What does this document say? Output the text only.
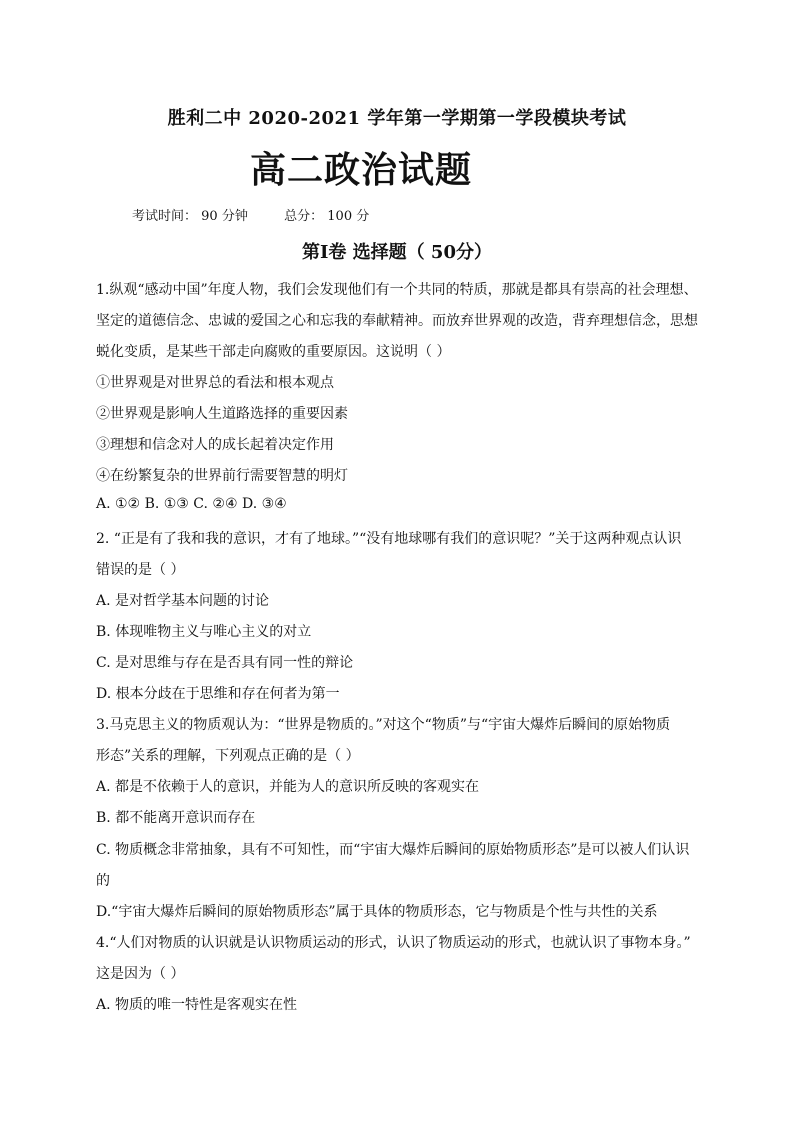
胜利二中 2020-2021 学年第一学期第一学段模块考试
高二政治试题
考试时间： 90 分钟	总分： 100 分
第Ⅰ卷 选择题（ 50分）
1.纵观“感动中国”年度人物，我们会发现他们有一个共同的特质，那就是都具有崇高的社会理想、
坚定的道德信念、忠诚的爱国之心和忘我的奉献精神。而放弃世界观的改造，背弃理想信念，思想
蜕化变质，是某些干部走向腐败的重要原因。这说明（ ）
①世界观是对世界总的看法和根本观点
②世界观是影响人生道路选择的重要因素
③理想和信念对人的成长起着决定作用
④在纷繁复杂的世界前行需要智慧的明灯
A. ①② B. ①③ C. ②④ D. ③④
2. “正是有了我和我的意识，才有了地球。”“没有地球哪有我们的意识呢？”关于这两种观点认识
错误的是（ ）
A. 是对哲学基本问题的讨论
B. 体现唯物主义与唯心主义的对立
C. 是对思维与存在是否具有同一性的辩论
D. 根本分歧在于思维和存在何者为第一
3.马克思主义的物质观认为：“世界是物质的。”对这个“物质”与“宇宙大爆炸后瞬间的原始物质
形态”关系的理解，下列观点正确的是（ ）
A. 都是不依赖于人的意识，并能为人的意识所反映的客观实在
B. 都不能离开意识而存在
C. 物质概念非常抽象，具有不可知性，而“宇宙大爆炸后瞬间的原始物质形态”是可以被人们认识
的
D.“宇宙大爆炸后瞬间的原始物质形态”属于具体的物质形态，它与物质是个性与共性的关系
4.“人们对物质的认识就是认识物质运动的形式，认识了物质运动的形式，也就认识了事物本身。”
这是因为（ ）
A. 物质的唯一特性是客观实在性
